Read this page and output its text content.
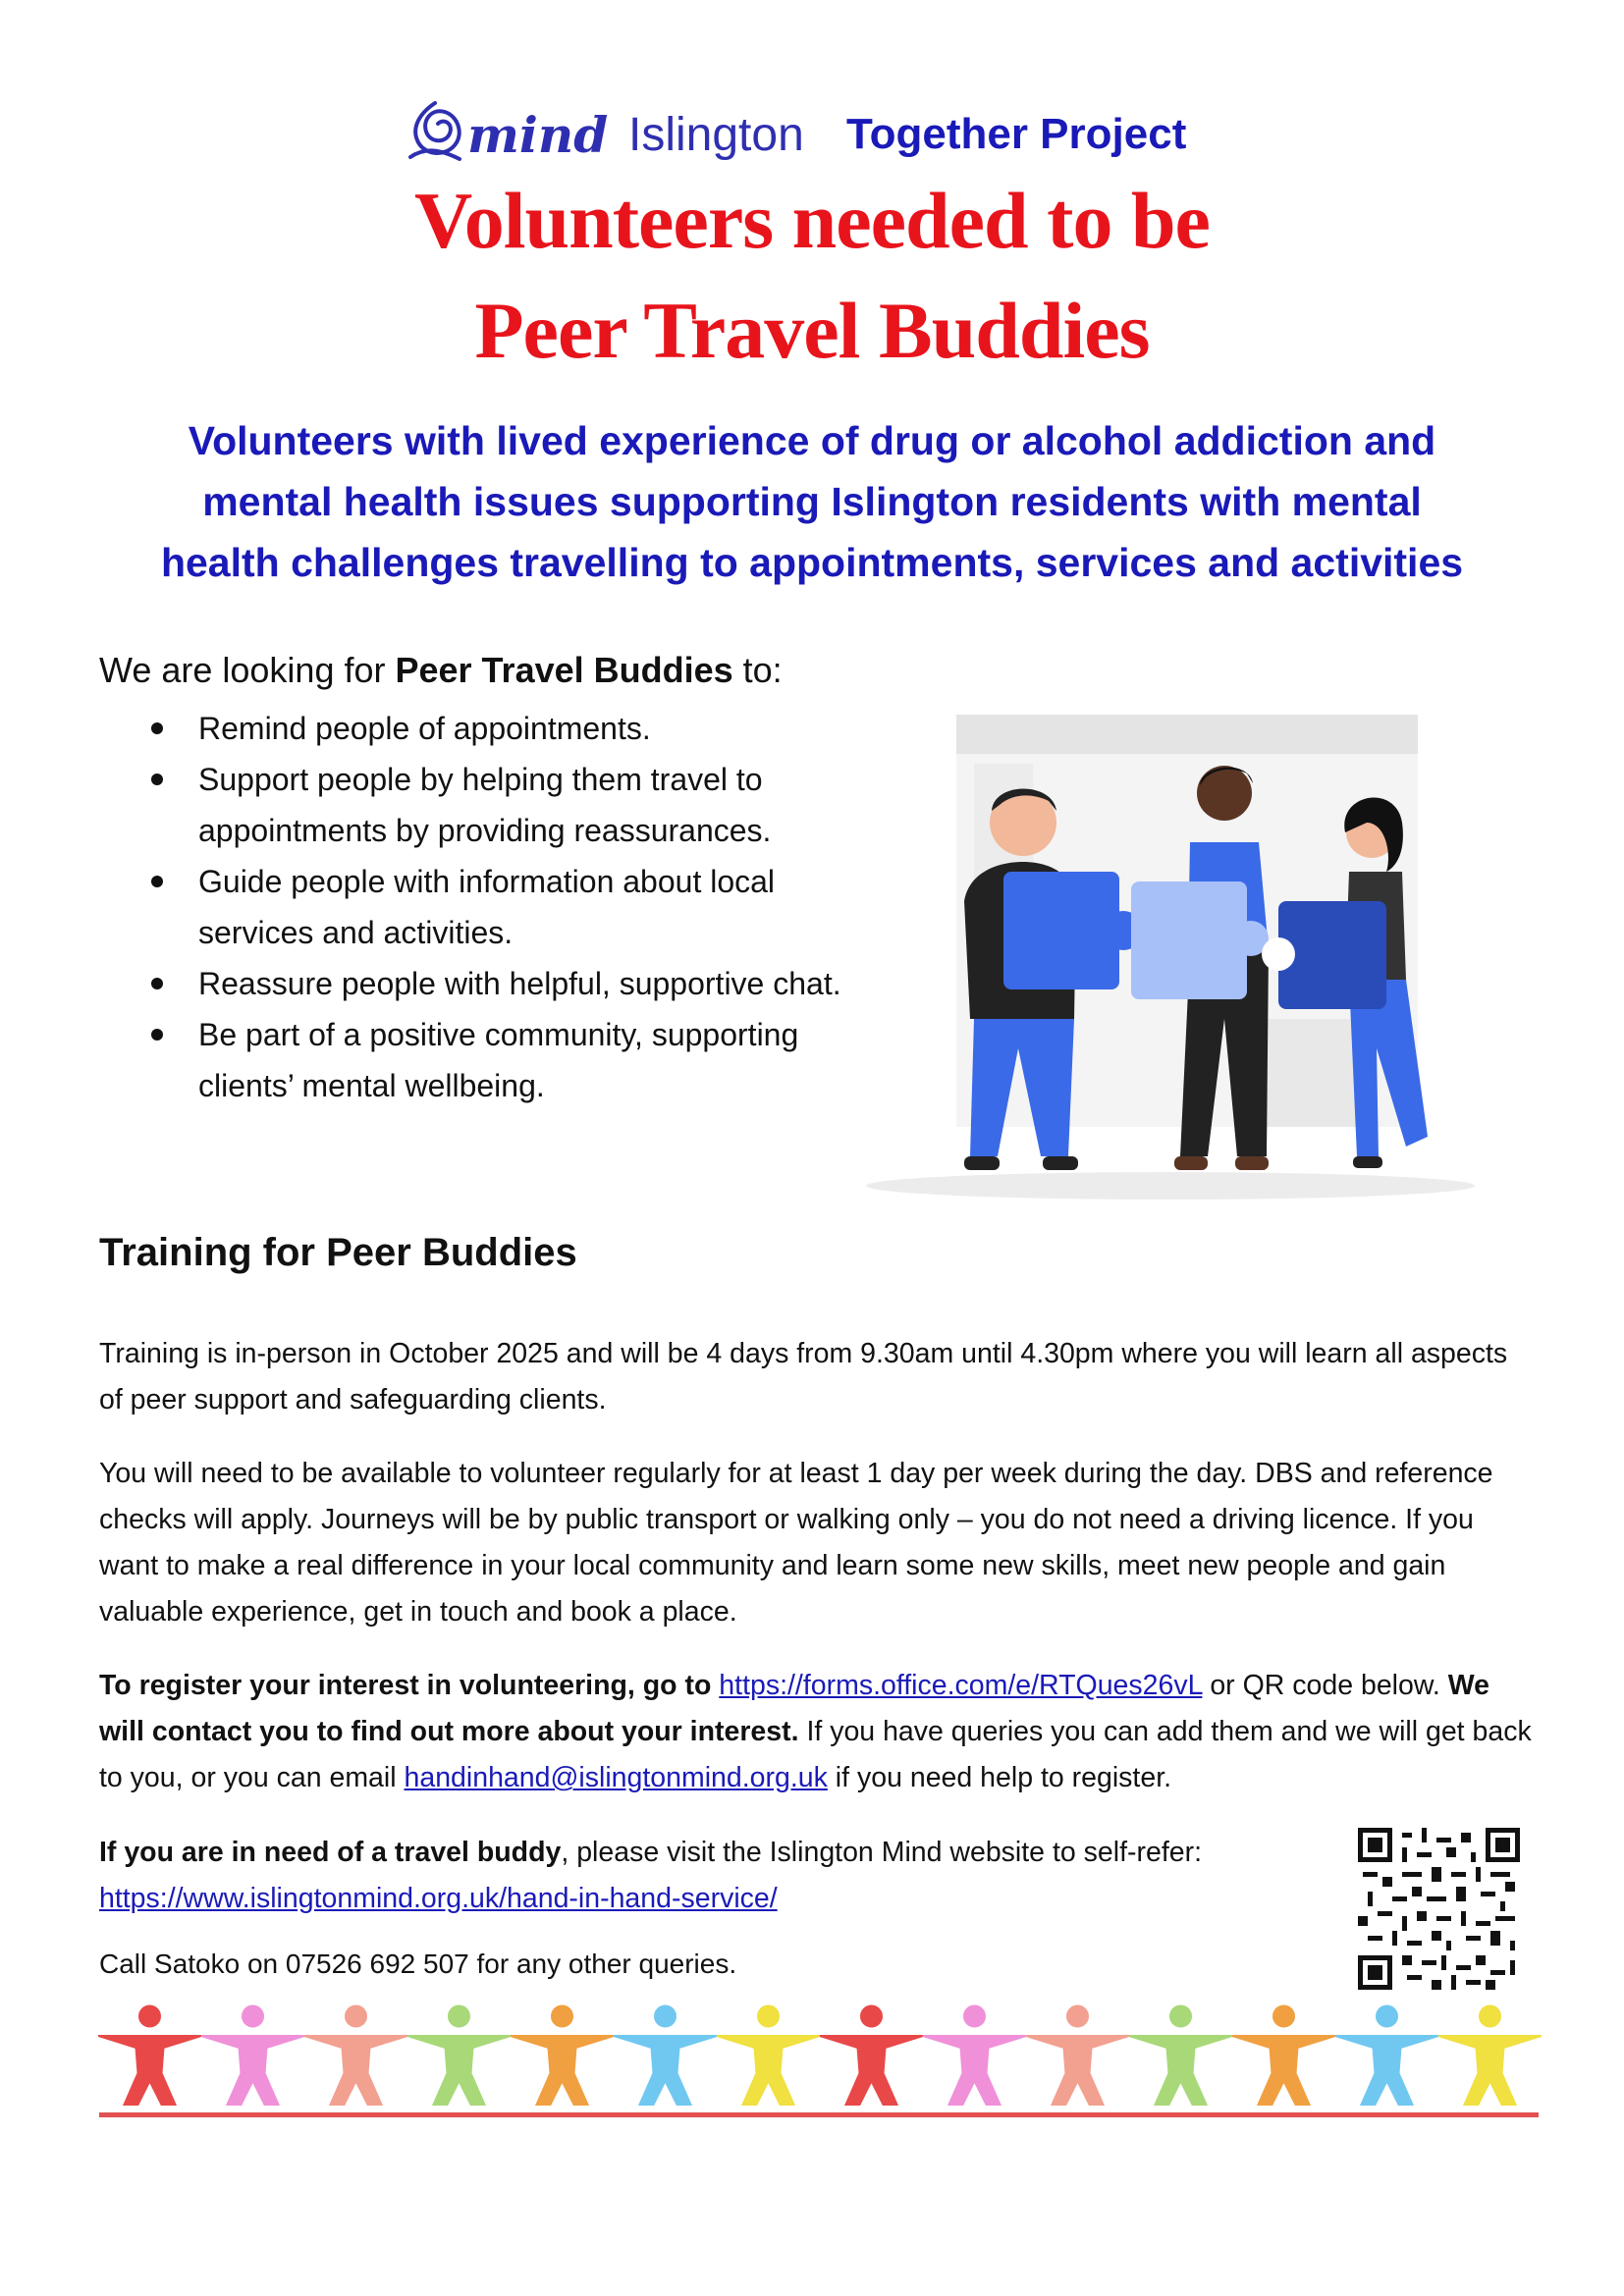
mind Islington Together Project
Volunteers needed to be
Peer Travel Buddies
Volunteers with lived experience of drug or alcohol addiction and
mental health issues supporting Islington residents with mental
health challenges travelling to appointments, services and activities
We are looking for Peer Travel Buddies to:
Remind people of appointments.
Support people by helping them travel to appointments by providing reassurances.
Guide people with information about local services and activities.
Reassure people with helpful, supportive chat.
Be part of a positive community, supporting clients’ mental wellbeing.
Training for Peer Buddies
Training is in-person in October 2025 and will be 4 days from 9.30am until 4.30pm where you will learn all aspects of peer support and safeguarding clients.
You will need to be available to volunteer regularly for at least 1 day per week during the day. DBS and reference checks will apply. Journeys will be by public transport or walking only – you do not need a driving licence. If you want to make a real difference in your local community and learn some new skills, meet new people and gain valuable experience, get in touch and book a place.
To register your interest in volunteering, go to https://forms.office.com/e/RTQues26vL or QR code below. We will contact you to find out more about your interest. If you have queries you can add them and we will get back to you, or you can email handinhand@islingtonmind.org.uk if you need help to register.
If you are in need of a travel buddy, please visit the Islington Mind website to self-refer:
https://www.islingtonmind.org.uk/hand-in-hand-service/
Call Satoko on 07526 692 507 for any other queries.
